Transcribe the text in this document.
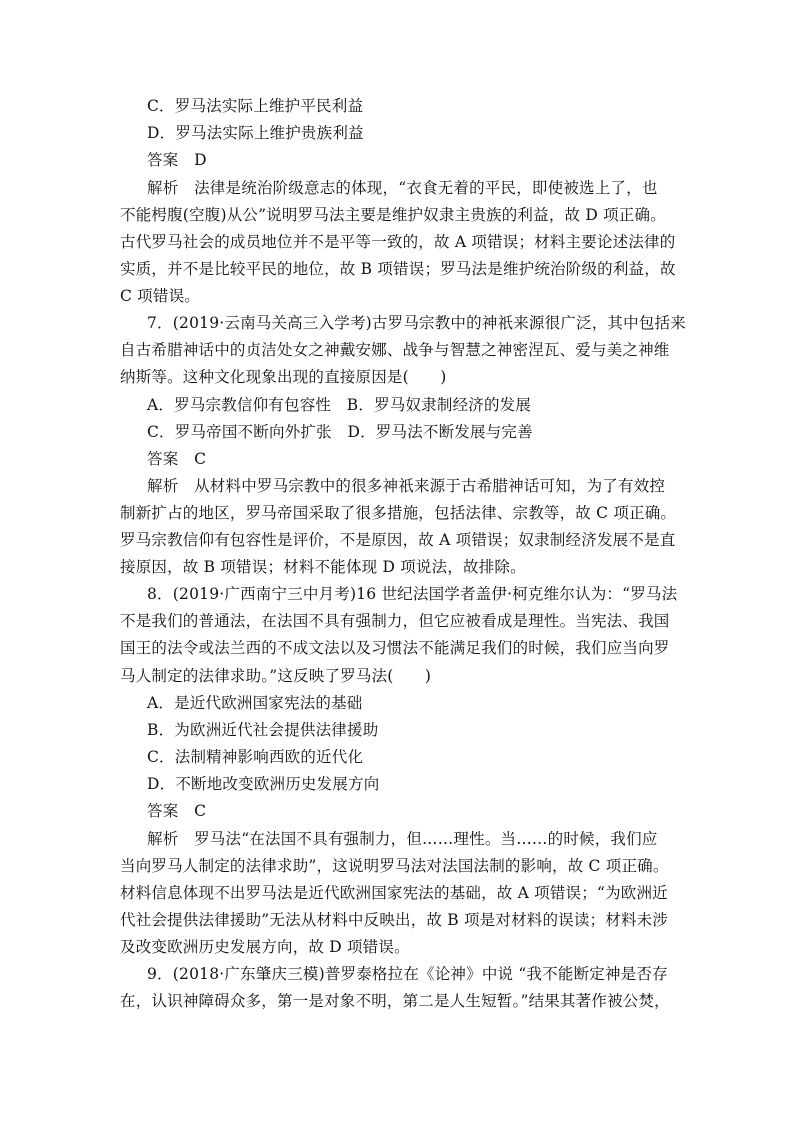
C．罗马法实际上维护平民利益
D．罗马法实际上维护贵族利益
答案　 D
解析　 法律是统治阶级意志的体现，“衣食无着的平民，即使被选上了，也
不能枵腹(空腹)从公”说明罗马法主要是维护奴隶主贵族的利益，故 D 项正确。
古代罗马社会的成员地位并不是平等一致的，故 A 项错误；材料主要论述法律的
实质，并不是比较平民的地位，故 B 项错误；罗马法是维护统治阶级的利益，故
C 项错误。
7．(2019·云南马关高三入学考)古罗马宗教中的神祇来源很广泛，其中包括来
自古希腊神话中的贞洁处女之神戴安娜、战争与智慧之神密涅瓦、爱与美之神维
纳斯等。这种文化现象出现的直接原因是(　　)
A．罗马宗教信仰有包容性　B．罗马奴隶制经济的发展
C．罗马帝国不断向外扩张　D．罗马法不断发展与完善
答案　 C
解析　 从材料中罗马宗教中的很多神祇来源于古希腊神话可知，为了有效控
制新扩占的地区，罗马帝国采取了很多措施，包括法律、宗教等，故 C 项正确。
罗马宗教信仰有包容性是评价，不是原因，故 A 项错误；奴隶制经济发展不是直
接原因，故 B 项错误；材料不能体现 D 项说法，故排除。
8．(2019·广西南宁三中月考)16 世纪法国学者盖伊·柯克维尔认为：“罗马法
不是我们的普通法，在法国不具有强制力，但它应被看成是理性。当宪法、我国
国王的法令或法兰西的不成文法以及习惯法不能满足我们的时候，我们应当向罗
马人制定的法律求助。”这反映了罗马法(　　)
A．是近代欧洲国家宪法的基础
B．为欧洲近代社会提供法律援助
C．法制精神影响西欧的近代化
D．不断地改变欧洲历史发展方向
答案　 C
解析　 罗马法“在法国不具有强制力，但……理性。当……的时候，我们应
当向罗马人制定的法律求助”，这说明罗马法对法国法制的影响，故 C 项正确。
材料信息体现不出罗马法是近代欧洲国家宪法的基础，故 A 项错误；“为欧洲近
代社会提供法律援助”无法从材料中反映出，故 B 项是对材料的误读；材料未涉
及改变欧洲历史发展方向，故 D 项错误。
9．(2018·广东肇庆三模)普罗泰格拉在《论神》中说 “我不能断定神是否存
在，认识神障碍众多，第一是对象不明，第二是人生短暂。”结果其著作被公焚，
